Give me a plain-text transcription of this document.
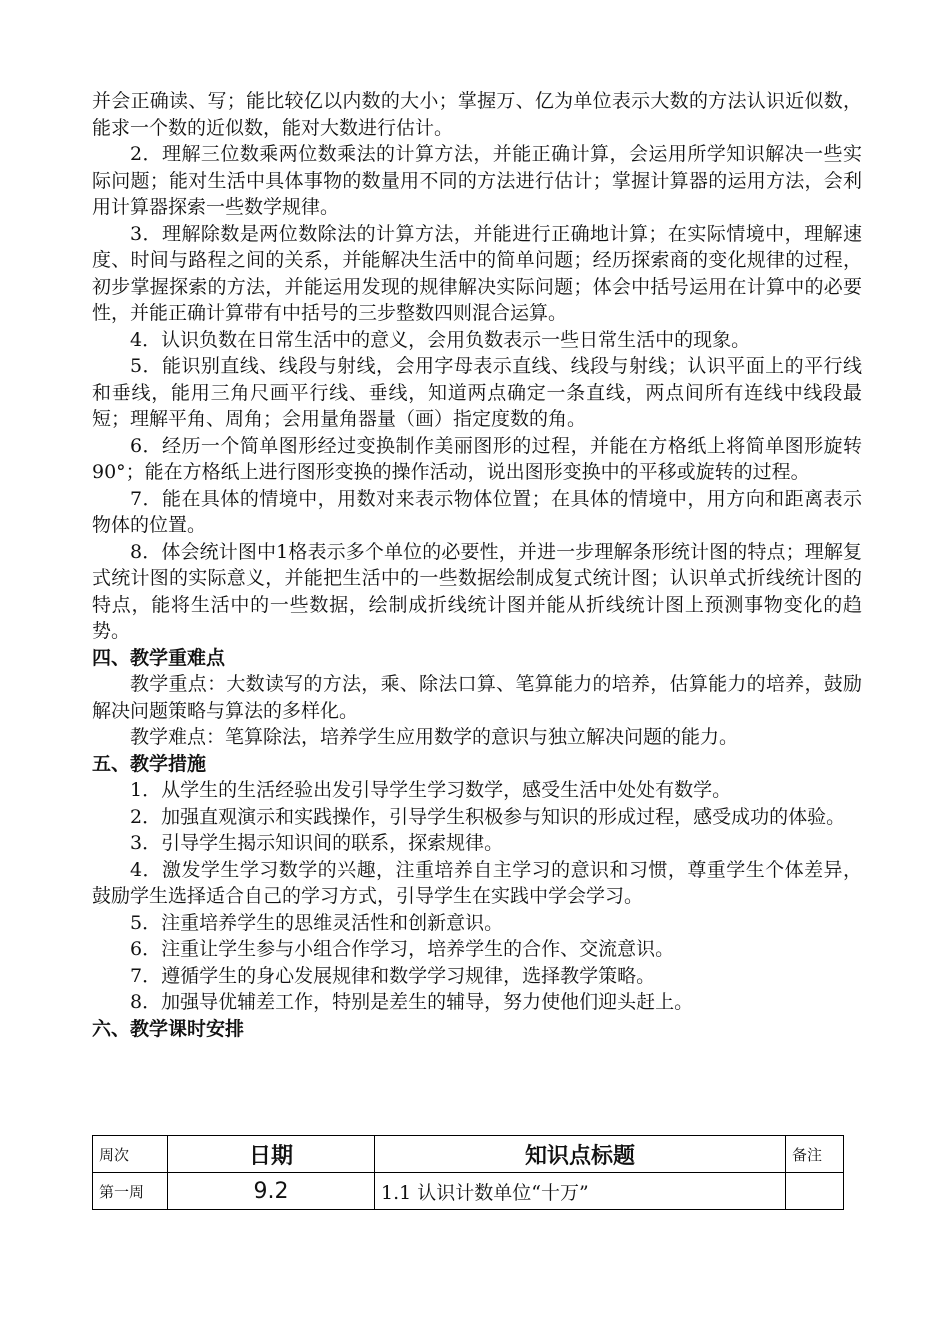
并会正确读、写；能比较亿以内数的大小；掌握万、亿为单位表示大数的方法认识近似数，能求一个数的近似数，能对大数进行估计。

2．理解三位数乘两位数乘法的计算方法，并能正确计算，会运用所学知识解决一些实际问题；能对生活中具体事物的数量用不同的方法进行估计；掌握计算器的运用方法，会利用计算器探索一些数学规律。

3．理解除数是两位数除法的计算方法，并能进行正确地计算；在实际情境中，理解速度、时间与路程之间的关系，并能解决生活中的简单问题；经历探索商的变化规律的过程，初步掌握探索的方法，并能运用发现的规律解决实际问题；体会中括号运用在计算中的必要性，并能正确计算带有中括号的三步整数四则混合运算。

4．认识负数在日常生活中的意义，会用负数表示一些日常生活中的现象。

5．能识别直线、线段与射线，会用字母表示直线、线段与射线；认识平面上的平行线和垂线，能用三角尺画平行线、垂线，知道两点确定一条直线，两点间所有连线中线段最短；理解平角、周角；会用量角器量（画）指定度数的角。

6．经历一个简单图形经过变换制作美丽图形的过程，并能在方格纸上将简单图形旋转90°；能在方格纸上进行图形变换的操作活动，说出图形变换中的平移或旋转的过程。

7．能在具体的情境中，用数对来表示物体位置；在具体的情境中，用方向和距离表示物体的位置。

8．体会统计图中1格表示多个单位的必要性，并进一步理解条形统计图的特点；理解复式统计图的实际意义，并能把生活中的一些数据绘制成复式统计图；认识单式折线统计图的特点，能将生活中的一些数据，绘制成折线统计图并能从折线统计图上预测事物变化的趋势。

四、教学重难点

教学重点：大数读写的方法，乘、除法口算、笔算能力的培养，估算能力的培养，鼓励解决问题策略与算法的多样化。

教学难点：笔算除法，培养学生应用数学的意识与独立解决问题的能力。

五、教学措施

1．从学生的生活经验出发引导学生学习数学，感受生活中处处有数学。

2．加强直观演示和实践操作，引导学生积极参与知识的形成过程，感受成功的体验。

3．引导学生揭示知识间的联系，探索规律。

4．激发学生学习数学的兴趣，注重培养自主学习的意识和习惯，尊重学生个体差异，鼓励学生选择适合自己的学习方式，引导学生在实践中学会学习。

5．注重培养学生的思维灵活性和创新意识。

6．注重让学生参与小组合作学习，培养学生的合作、交流意识。

7．遵循学生的身心发展规律和数学学习规律，选择教学策略。

8．加强导优辅差工作，特别是差生的辅导，努力使他们迎头赶上。

六、教学课时安排
周次	日期	知识点标题	备注
第一周	9.2	1.1 认识计数单位“十万”	
